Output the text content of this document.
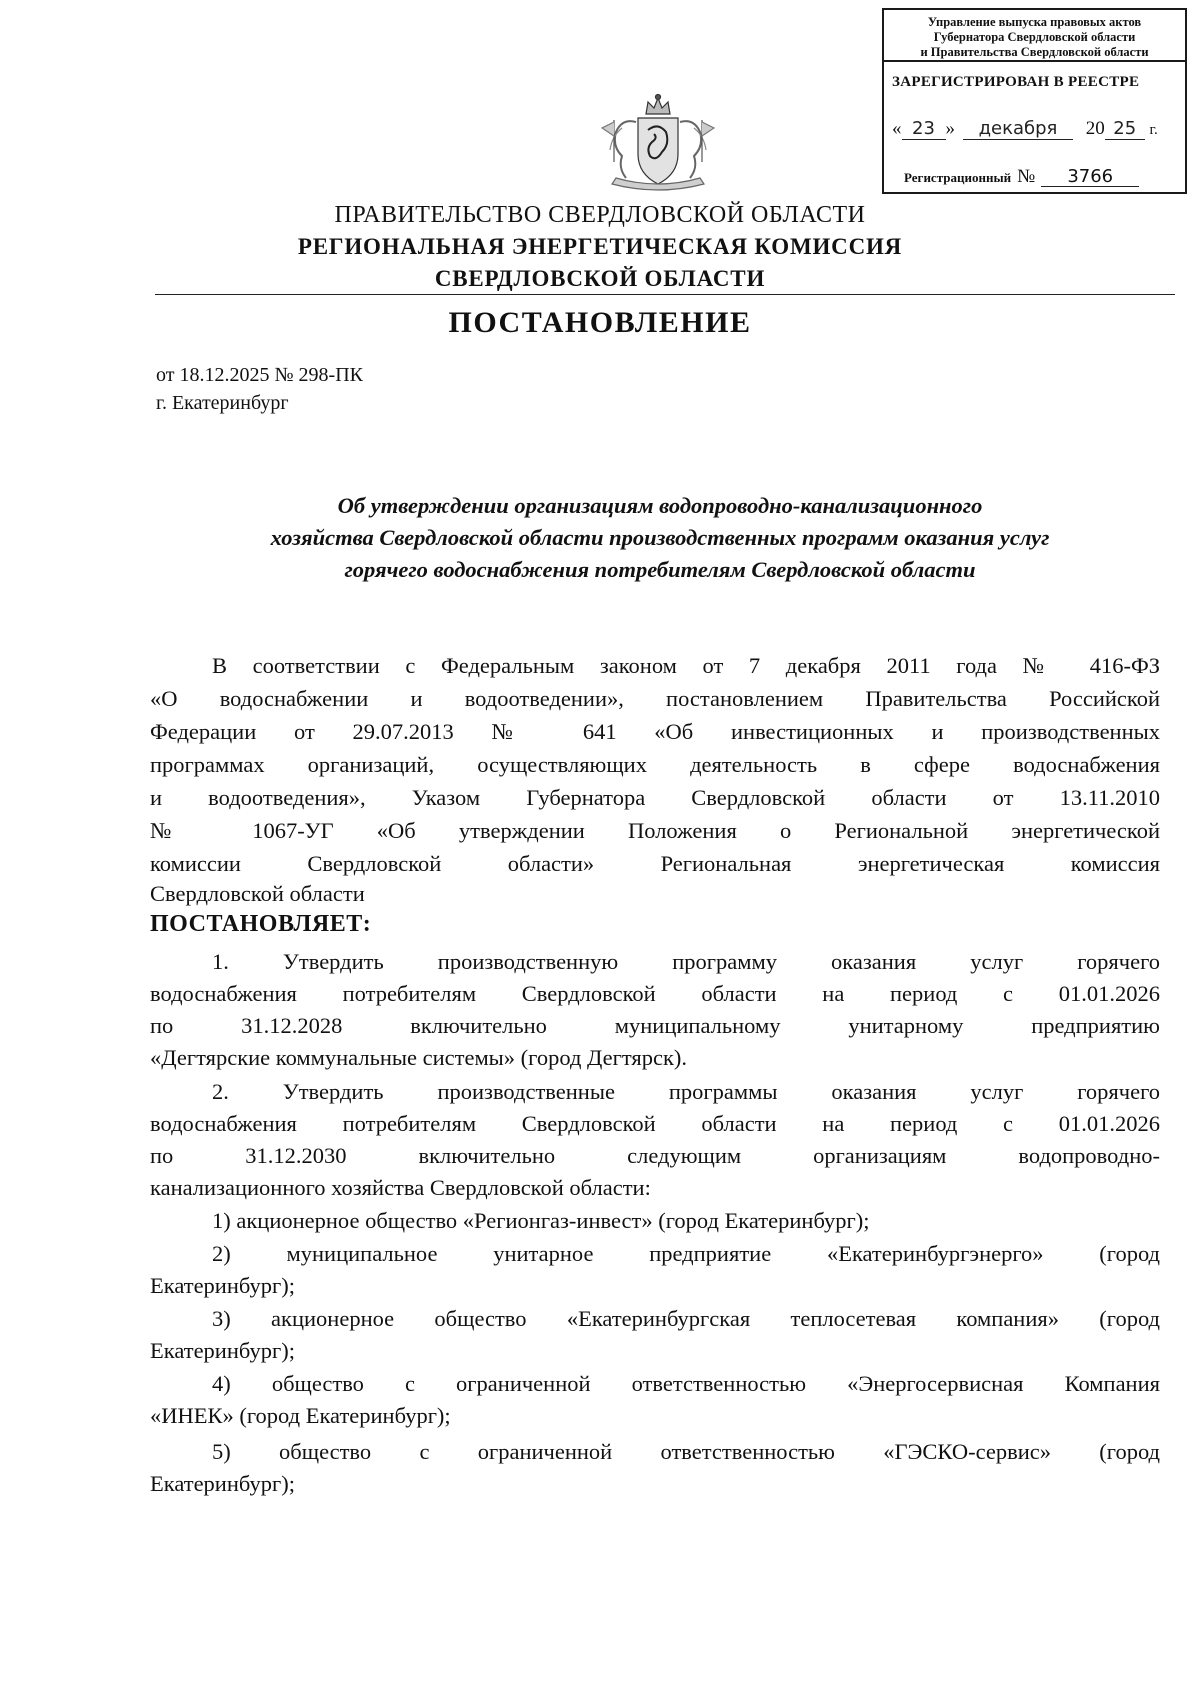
Управление выпуска правовых актов
Губернатора Свердловской области
и Правительства Свердловской области
ЗАРЕГИСТРИРОВАН В РЕЕСТРЕ
« 23 » декабря 20 25 г.
Регистрационный № 3766
ПРАВИТЕЛЬСТВО СВЕРДЛОВСКОЙ ОБЛАСТИ
РЕГИОНАЛЬНАЯ ЭНЕРГЕТИЧЕСКАЯ КОМИССИЯ
СВЕРДЛОВСКОЙ ОБЛАСТИ
ПОСТАНОВЛЕНИЕ
от 18.12.2025 № 298-ПК
г. Екатеринбург
Об утверждении организациям водопроводно-канализационного
хозяйства Свердловской области производственных программ оказания услуг
горячего водоснабжения потребителям Свердловской области
В соответствии с Федеральным законом от 7 декабря 2011 года № 416-ФЗ
«О водоснабжении и водоотведении», постановлением Правительства Российской
Федерации от 29.07.2013 № 641 «Об инвестиционных и производственных
программах организаций, осуществляющих деятельность в сфере водоснабжения
и водоотведения», Указом Губернатора Свердловской области от 13.11.2010
№ 1067-УГ «Об утверждении Положения о Региональной энергетической
комиссии Свердловской области» Региональная энергетическая комиссия
Свердловской области
ПОСТАНОВЛЯЕТ:
1. Утвердить производственную программу оказания услуг горячего
водоснабжения потребителям Свердловской области на период с 01.01.2026
по 31.12.2028 включительно муниципальному унитарному предприятию
«Дегтярские коммунальные системы» (город Дегтярск).
2. Утвердить производственные программы оказания услуг горячего
водоснабжения потребителям Свердловской области на период с 01.01.2026
по 31.12.2030 включительно следующим организациям водопроводно-
канализационного хозяйства Свердловской области:
1) акционерное общество «Регионгаз-инвест» (город Екатеринбург);
2) муниципальное унитарное предприятие «Екатеринбургэнерго» (город
Екатеринбург);
3) акционерное общество «Екатеринбургская теплосетевая компания» (город
Екатеринбург);
4) общество с ограниченной ответственностью «Энергосервисная Компания
«ИНЕК» (город Екатеринбург);
5) общество с ограниченной ответственностью «ГЭСКО-сервис» (город
Екатеринбург);
